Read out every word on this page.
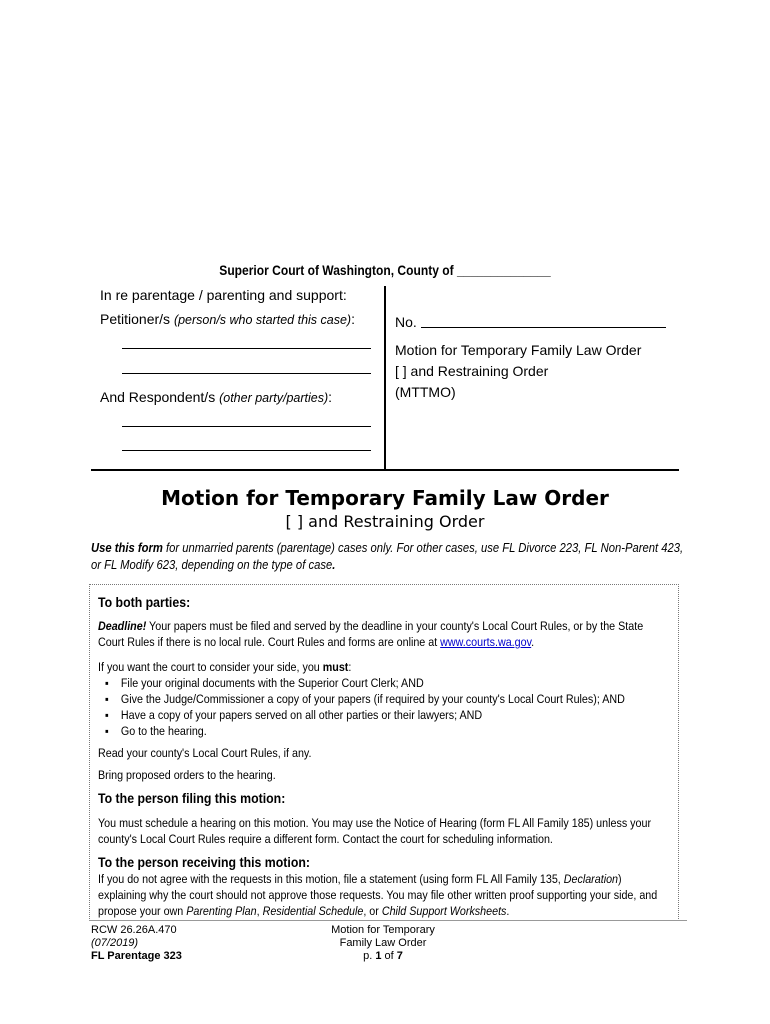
Superior Court of Washington, County of ______________
In re parentage / parenting and support:
Petitioner/s (person/s who started this case):
And Respondent/s (other party/parties):
No.
Motion for Temporary Family Law Order
[ ] and Restraining Order
(MTTMO)
Motion for Temporary Family Law Order
[ ] and Restraining Order
Use this form for unmarried parents (parentage) cases only. For other cases, use FL Divorce 223, FL Non-Parent 423, or FL Modify 623, depending on the type of case.

To both parties:

Deadline! Your papers must be filed and served by the deadline in your county's Local Court Rules, or by the State Court Rules if there is no local rule. Court Rules and forms are online at www.courts.wa.gov.

If you want the court to consider your side, you must:

▪ File your original documents with the Superior Court Clerk; AND
▪ Give the Judge/Commissioner a copy of your papers (if required by your county's Local Court Rules); AND
▪ Have a copy of your papers served on all other parties or their lawyers; AND
▪ Go to the hearing.

Read your county's Local Court Rules, if any.

Bring proposed orders to the hearing.

To the person filing this motion:

You must schedule a hearing on this motion. You may use the Notice of Hearing (form FL All Family 185) unless your county's Local Court Rules require a different form. Contact the court for scheduling information.

To the person receiving this motion:

If you do not agree with the requests in this motion, file a statement (using form FL All Family 135, Declaration) explaining why the court should not approve those requests. You may file other written proof supporting your side, and propose your own Parenting Plan, Residential Schedule, or Child Support Worksheets.

RCW 26.26A.470
(07/2019)
FL Parentage 323
Motion for Temporary
Family Law Order
p. 1 of 7
